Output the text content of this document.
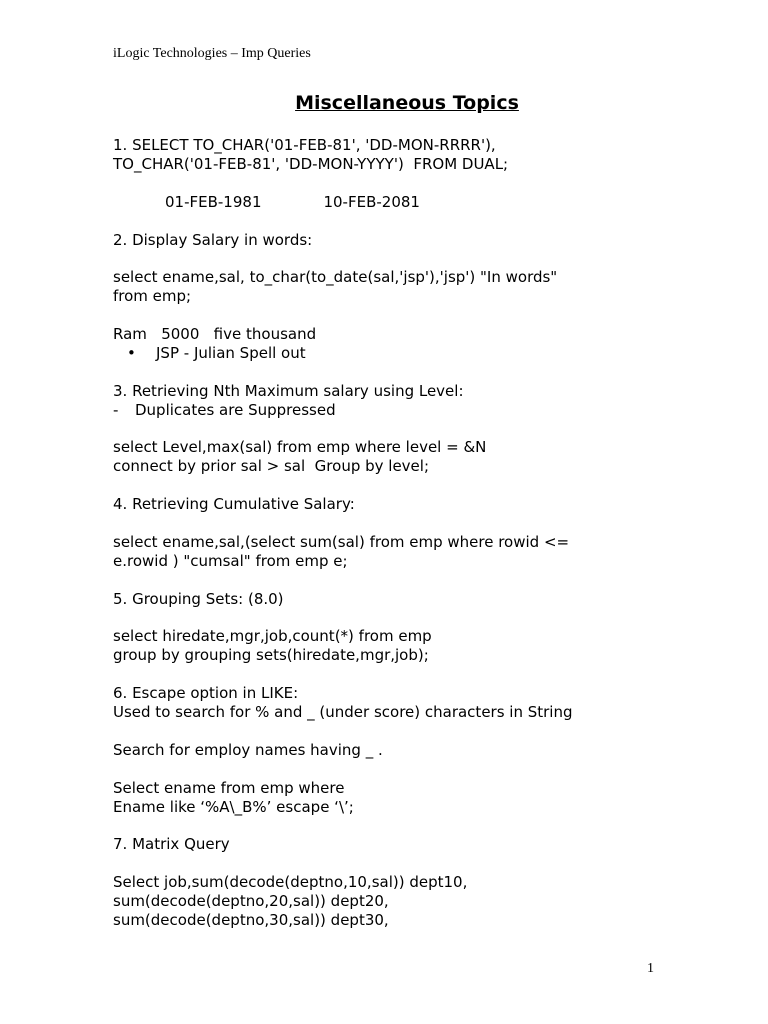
iLogic Technologies – Imp Queries
Miscellaneous Topics
1. SELECT TO_CHAR('01-FEB-81', 'DD-MON-RRRR'),
TO_CHAR('01-FEB-81', 'DD-MON-YYYY')  FROM DUAL;
01-FEB-1981             10-FEB-2081
2. Display Salary in words:
select ename,sal, to_char(to_date(sal,'jsp'),'jsp') "In words"
from emp;
Ram   5000   five thousand
•	JSP - Julian Spell out
3. Retrieving Nth Maximum salary using Level:
-	Duplicates are Suppressed
select Level,max(sal) from emp where level = &N
connect by prior sal > sal  Group by level;
4. Retrieving Cumulative Salary:
select ename,sal,(select sum(sal) from emp where rowid <=
e.rowid ) "cumsal" from emp e;
5. Grouping Sets: (8.0)
select hiredate,mgr,job,count(*) from emp
group by grouping sets(hiredate,mgr,job);
6. Escape option in LIKE:
Used to search for % and _ (under score) characters in String
Search for employ names having _ .
Select ename from emp where
Ename like ‘%A\_B%’ escape ‘\’;
7. Matrix Query
Select job,sum(decode(deptno,10,sal)) dept10,
sum(decode(deptno,20,sal)) dept20,
sum(decode(deptno,30,sal)) dept30,
1
